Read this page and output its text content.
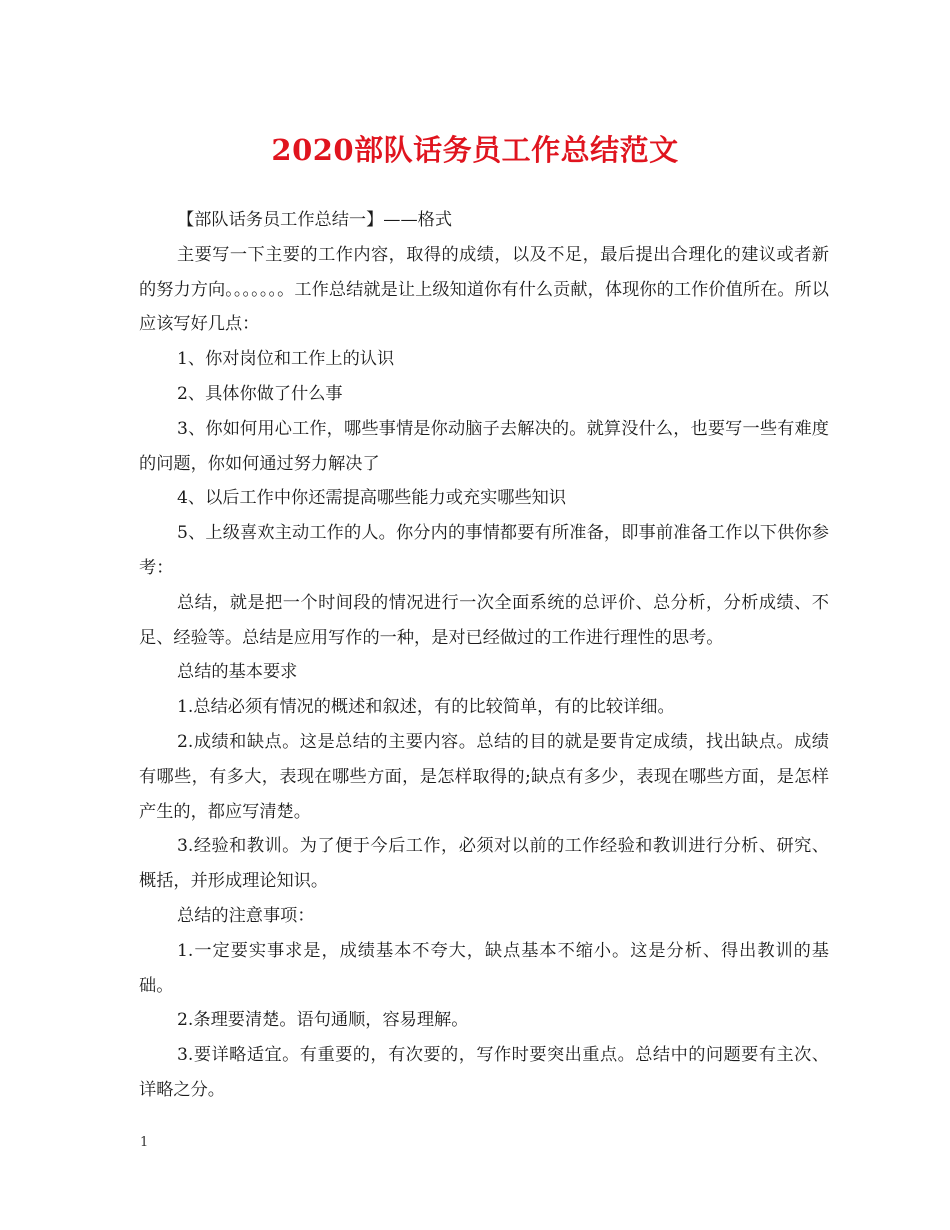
2020部队话务员工作总结范文

【部队话务员工作总结一】——格式

主要写一下主要的工作内容，取得的成绩，以及不足，最后提出合理化的建议或者新的努力方向。。。。。。。工作总结就是让上级知道你有什么贡献，体现你的工作价值所在。所以应该写好几点：

1、你对岗位和工作上的认识

2、具体你做了什么事

3、你如何用心工作，哪些事情是你动脑子去解决的。就算没什么，也要写一些有难度的问题，你如何通过努力解决了

4、以后工作中你还需提高哪些能力或充实哪些知识

5、上级喜欢主动工作的人。你分内的事情都要有所准备，即事前准备工作以下供你参考：

总结，就是把一个时间段的情况进行一次全面系统的总评价、总分析，分析成绩、不足、经验等。总结是应用写作的一种，是对已经做过的工作进行理性的思考。

总结的基本要求

1.总结必须有情况的概述和叙述，有的比较简单，有的比较详细。

2.成绩和缺点。这是总结的主要内容。总结的目的就是要肯定成绩，找出缺点。成绩有哪些，有多大，表现在哪些方面，是怎样取得的;缺点有多少，表现在哪些方面，是怎样产生的，都应写清楚。

3.经验和教训。为了便于今后工作，必须对以前的工作经验和教训进行分析、研究、概括，并形成理论知识。

总结的注意事项：

1.一定要实事求是，成绩基本不夸大，缺点基本不缩小。这是分析、得出教训的基础。

2.条理要清楚。语句通顺，容易理解。

3.要详略适宜。有重要的，有次要的，写作时要突出重点。总结中的问题要有主次、详略之分。

1
